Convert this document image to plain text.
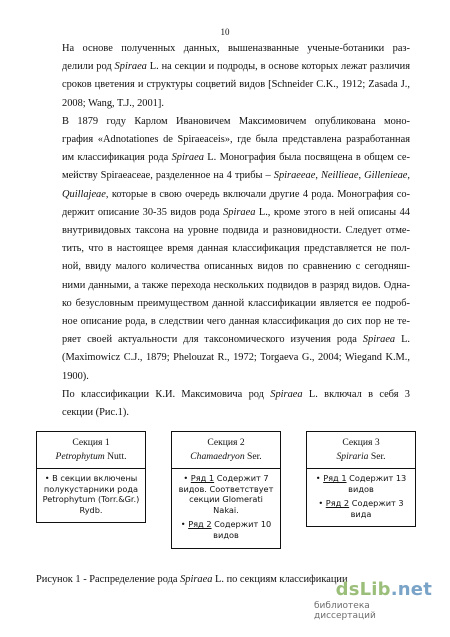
10

На основе полученных данных, вышеназванные ученые-ботаники раз-
делили род Spiraea L. на секции и подроды, в основе которых лежат различия
сроков цветения и структуры соцветий видов [Schneider C.K., 1912; Zasada J.,
2008; Wang, T.J., 2001].

В 1879 году Карлом Ивановичем Максимовичем опубликована моно-
графия «Adnotationes de Spiraeaceis», где была представлена разработанная
им классификация рода Spiraea L. Монография была посвящена в общем се-
мейству Spiraeaceae, разделенное на 4 трибы – Spiraeeae, Neillieae, Gillenieae,
Quillajeae, которые в свою очередь включали другие 4 рода. Монография со-
держит описание 30-35 видов рода Spiraea L., кроме этого в ней описаны 44
внутривидовых таксона на уровне подвида и разновидности. Следует отме-
тить, что в настоящее время данная классификация представляется не пол-
ной, ввиду малого количества описанных видов по сравнению с сегодняш-
ними данными, а также перехода нескольких подвидов в разряд видов. Одна-
ко безусловным преимуществом данной классификации является ее подроб-
ное описание рода, в следствии чего данная классификация до сих пор не те-
ряет своей актуальности для таксономического изучения рода Spiraea L.
(Maximowicz C.J., 1879; Phelouzat R., 1972; Torgaeva G., 2004; Wiegand K.M.,
1900).

По классификации К.И. Максимовича род Spiraea L. включал в себя 3
секции (Рис.1).

Секция 1
Petrophytum Nutt.
• В секции включены полукустарники рода Petrophytum (Torr.&Gr.) Rydb.
Секция 2
Chamaedryon Ser.
• Ряд 1 Содержит 7 видов. Соответствует секции Glomerati Nakai.
• Ряд 2 Содержит 10 видов
Секция 3
Spiraria Ser.
• Ряд 1 Содержит 13 видов
• Ряд 2 Содержит 3 вида
Рисунок 1 - Распределение рода Spiraea L. по секциям классификации
dsLib.net
библиотека диссертаций
